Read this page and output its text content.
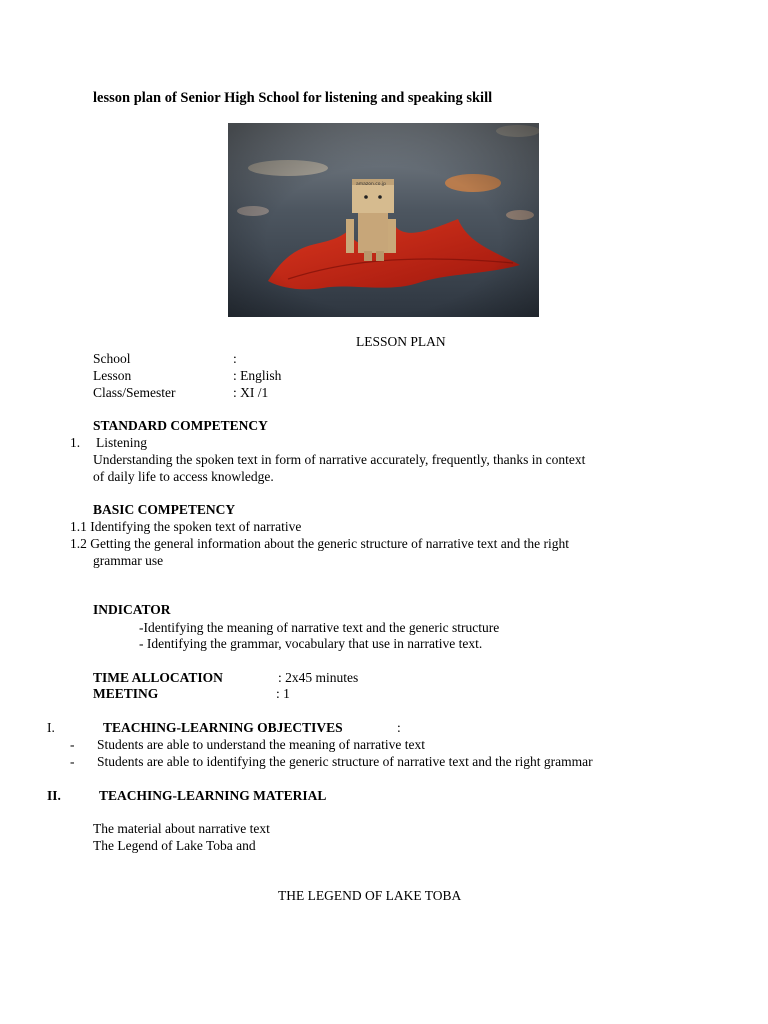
lesson plan of Senior High School for listening and speaking skill
LESSON PLAN
School	:
Lesson	: English
Class/Semester	: XI /1
STANDARD COMPETENCY
1. Listening
Understanding the spoken text in form of narrative accurately, frequently, thanks in context
of daily life to access knowledge.
BASIC COMPETENCY
1.1 Identifying the spoken text of narrative
1.2 Getting the general information about the generic structure of narrative text and the right
grammar use
INDICATOR
-Identifying the meaning of narrative text and the generic structure
- Identifying the grammar, vocabulary that use in narrative text.
TIME ALLOCATION	: 2x45 minutes
MEETING	: 1
I.	TEACHING-LEARNING OBJECTIVES	:
- Students are able to understand the meaning of narrative text
- Students are able to identifying the generic structure of narrative text and the right grammar
II.	TEACHING-LEARNING MATERIAL
The material about narrative text
The Legend of Lake Toba and
THE LEGEND OF LAKE TOBA
